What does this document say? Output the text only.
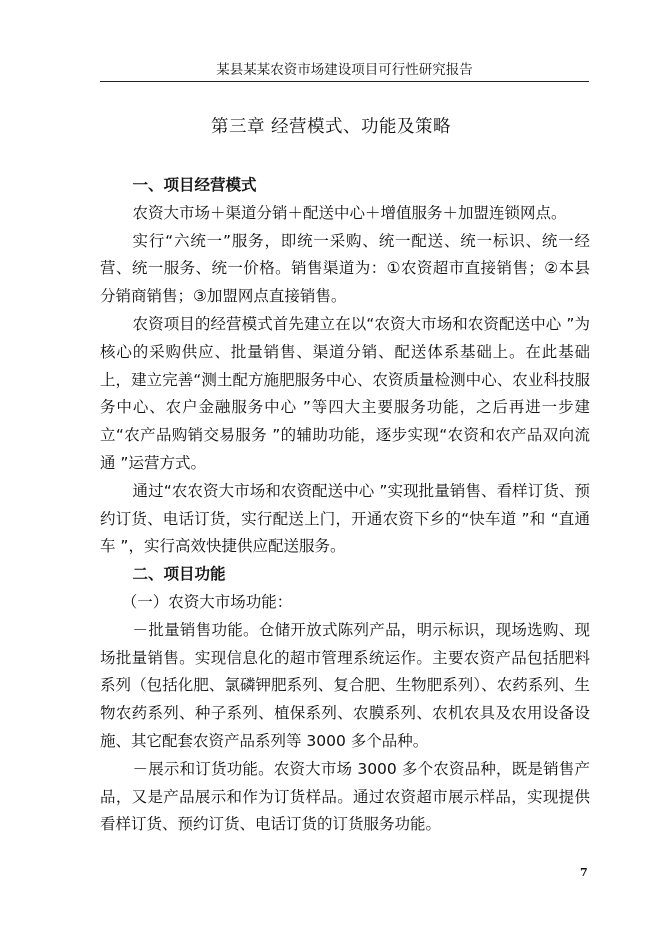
某县某某农资市场建设项目可行性研究报告
第三章 经营模式、功能及策略
一、项目经营模式

农资大市场＋渠道分销＋配送中心＋增值服务＋加盟连锁网点。

实行“六统一”服务，即统一采购、统一配送、统一标识、统一经营、统一服务、统一价格。销售渠道为：①农资超市直接销售；②本县分销商销售；③加盟网点直接销售。

农资项目的经营模式首先建立在以“农资大市场和农资配送中心 ”为核心的采购供应、批量销售、渠道分销、配送体系基础上。在此基础上，建立完善“测土配方施肥服务中心、农资质量检测中心、农业科技服务中心、农户金融服务中心 ”等四大主要服务功能，之后再进一步建立“农产品购销交易服务 ”的辅助功能，逐步实现“农资和农产品双向流通 ”运营方式。

通过“农农资大市场和农资配送中心 ”实现批量销售、看样订货、预约订货、电话订货，实行配送上门，开通农资下乡的“快车道 ”和 “直通车 ”，实行高效快捷供应配送服务。

二、项目功能

（一）农资大市场功能：

－批量销售功能。仓储开放式陈列产品，明示标识，现场选购、现场批量销售。实现信息化的超市管理系统运作。主要农资产品包括肥料系列（包括化肥、氯磷钾肥系列、复合肥、生物肥系列）、农药系列、生物农药系列、种子系列、植保系列、农膜系列、农机农具及农用设备设施、其它配套农资产品系列等 3000 多个品种。

－展示和订货功能。农资大市场 3000 多个农资品种，既是销售产品，又是产品展示和作为订货样品。通过农资超市展示样品，实现提供看样订货、预约订货、电话订货的订货服务功能。

7
